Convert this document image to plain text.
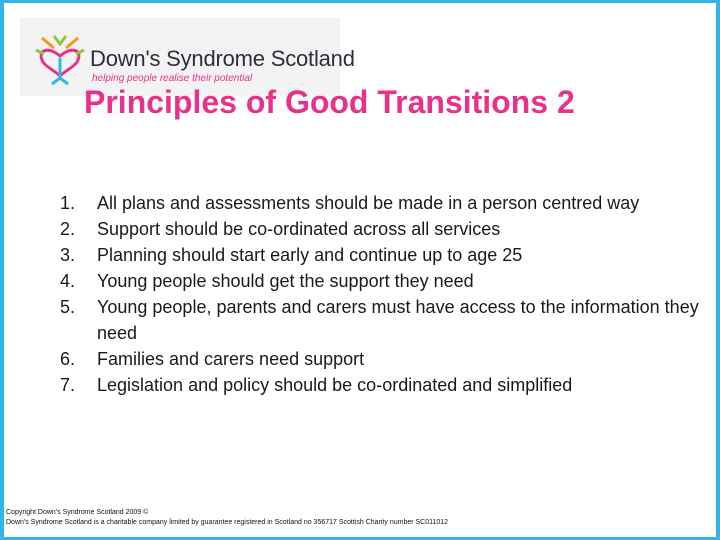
Down's Syndrome Scotland
helping people realise their potential
Principles of Good Transitions 2
1.	All plans and assessments should be made in a person centred way
2.	Support should be co-ordinated across all services
3.	Planning should start early and continue up to age 25
4.	Young people should get the support they need
5.	Young people, parents and carers must have access to the information they need
6.	Families and carers need support
7.	Legislation and policy should be co-ordinated and simplified
Copyright Down's Syndrome Scotland 2009 ©
Down's Syndrome Scotland is a charitable company limited by guarantee registered in Scotland no 356717 Scottish Charity number SC011012
